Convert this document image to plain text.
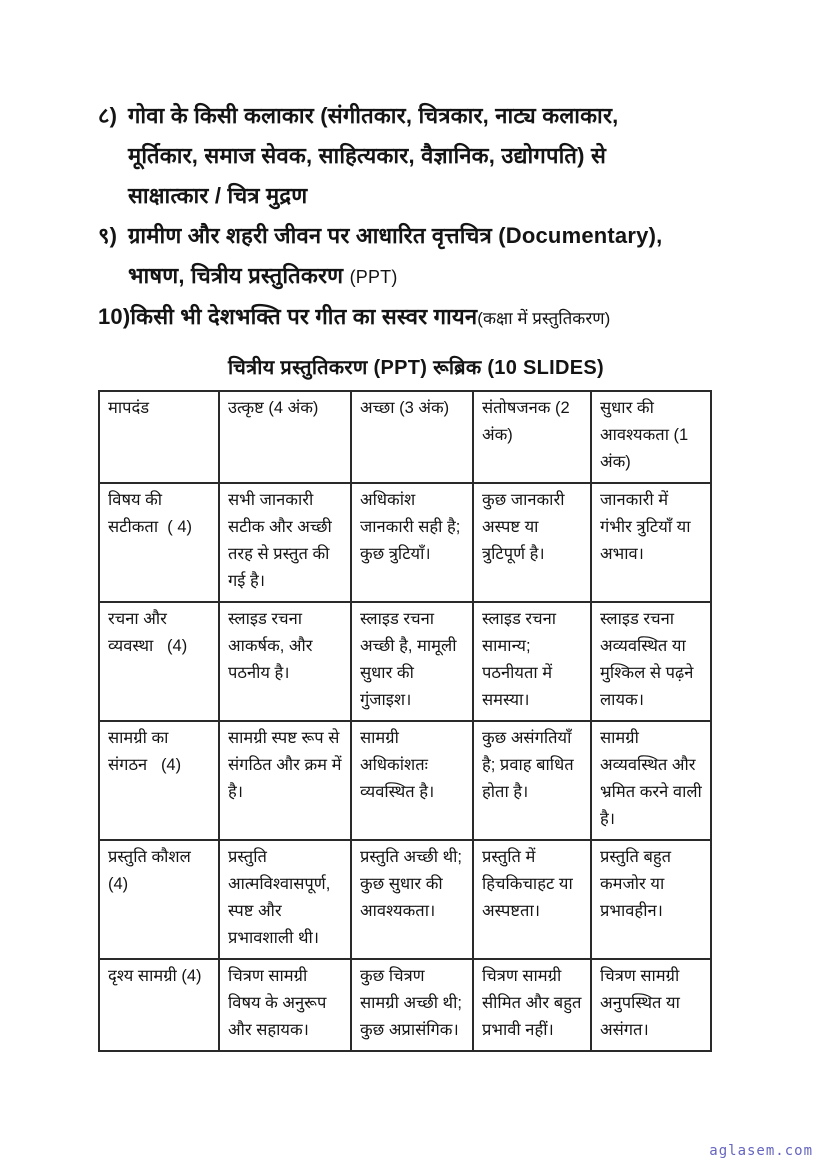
८) गोवा के किसी कलाकार (संगीतकार, चित्रकार, नाट्य कलाकार,
मूर्तिकार, समाज सेवक, साहित्यकार, वैज्ञानिक, उद्योगपति) से
साक्षात्कार / चित्र मुद्रण
९) ग्रामीण और शहरी जीवन पर आधारित वृत्तचित्र (Documentary),
भाषण, चित्रीय प्रस्तुतिकरण (PPT)
10) किसी भी देशभक्ति पर गीत का सस्वर गायन(कक्षा में प्रस्तुतिकरण)
चित्रीय प्रस्तुतिकरण (PPT) रूब्रिक (10 SLIDES)
मापदंड	उत्कृष्ट (4 अंक)	अच्छा (3 अंक)	संतोषजनक (2 अंक)	सुधार की आवश्यकता (1 अंक)
विषय की सटीकता  ( 4)	सभी जानकारी सटीक और अच्छी तरह से प्रस्तुत की गई है।	अधिकांश जानकारी सही है; कुछ त्रुटियाँ।	कुछ जानकारी अस्पष्ट या त्रुटिपूर्ण है।	जानकारी में गंभीर त्रुटियाँ या अभाव।
रचना और व्यवस्था   (4)	स्लाइड रचना आकर्षक, और पठनीय है।	स्लाइड रचना अच्छी है, मामूली सुधार की गुंजाइश।	स्लाइड रचना सामान्य; पठनीयता में समस्या।	स्लाइड रचना अव्यवस्थित या मुश्किल से पढ़ने लायक।
सामग्री का संगठन   (4)	सामग्री स्पष्ट रूप से संगठित और क्रम में है।	सामग्री अधिकांशतः व्यवस्थित है।	कुछ असंगतियाँ है; प्रवाह बाधित होता है।	सामग्री अव्यवस्थित और भ्रमित करने वाली है।
प्रस्तुति कौशल (4)	प्रस्तुति आत्मविश्वासपूर्ण, स्पष्ट और प्रभावशाली थी।	प्रस्तुति अच्छी थी; कुछ सुधार की आवश्यकता।	प्रस्तुति में हिचकिचाहट या अस्पष्टता।	प्रस्तुति बहुत कमजोर या प्रभावहीन।
दृश्य सामग्री (4)	चित्रण सामग्री विषय के अनुरूप और सहायक।	कुछ चित्रण सामग्री अच्छी थी; कुछ अप्रासंगिक।	चित्रण सामग्री सीमित और बहुत प्रभावी नहीं।	चित्रण सामग्री अनुपस्थित या असंगत।
aglasem.com
